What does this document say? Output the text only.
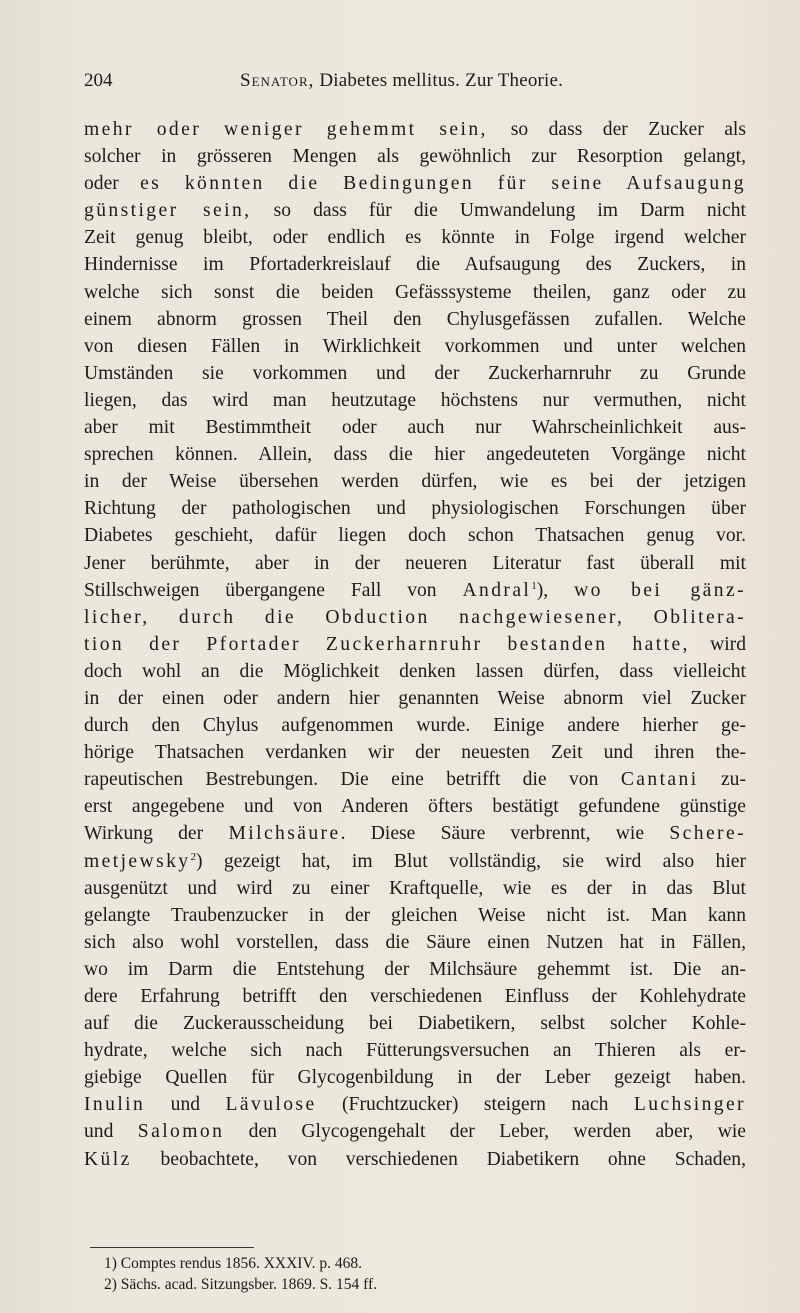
204	Senator, Diabetes mellitus. Zur Theorie.
mehr oder weniger gehemmt sein, so dass der Zucker als
solcher in grösseren Mengen als gewöhnlich zur Resorption gelangt,
oder es könnten die Bedingungen für seine Aufsaugung
günstiger sein, so dass für die Umwandelung im Darm nicht
Zeit genug bleibt, oder endlich es könnte in Folge irgend welcher
Hindernisse im Pfortaderkreislauf die Aufsaugung des Zuckers, in
welche sich sonst die beiden Gefässsysteme theilen, ganz oder zu
einem abnorm grossen Theil den Chylusgefässen zufallen. Welche
von diesen Fällen in Wirklichkeit vorkommen und unter welchen
Umständen sie vorkommen und der Zuckerharnruhr zu Grunde
liegen, das wird man heutzutage höchstens nur vermuthen, nicht
aber mit Bestimmtheit oder auch nur Wahrscheinlichkeit aus-
sprechen können. Allein, dass die hier angedeuteten Vorgänge nicht
in der Weise übersehen werden dürfen, wie es bei der jetzigen
Richtung der pathologischen und physiologischen Forschungen über
Diabetes geschieht, dafür liegen doch schon Thatsachen genug vor.
Jener berühmte, aber in der neueren Literatur fast überall mit
Stillschweigen übergangene Fall von Andral$^1$), wo bei gänz-
licher, durch die Obduction nachgewiesener, Oblitera-
tion der Pfortader Zuckerharnruhr bestanden hatte, wird
doch wohl an die Möglichkeit denken lassen dürfen, dass vielleicht
in der einen oder andern hier genannten Weise abnorm viel Zucker
durch den Chylus aufgenommen wurde. Einige andere hierher ge-
hörige Thatsachen verdanken wir der neuesten Zeit und ihren the-
rapeutischen Bestrebungen. Die eine betrifft die von Cantani zu-
erst angegebene und von Anderen öfters bestätigt gefundene günstige
Wirkung der Milchsäure. Diese Säure verbrennt, wie Schere-
metjewsky$^2$) gezeigt hat, im Blut vollständig, sie wird also hier
ausgenützt und wird zu einer Kraftquelle, wie es der in das Blut
gelangte Traubenzucker in der gleichen Weise nicht ist. Man kann
sich also wohl vorstellen, dass die Säure einen Nutzen hat in Fällen,
wo im Darm die Entstehung der Milchsäure gehemmt ist. Die an-
dere Erfahrung betrifft den verschiedenen Einfluss der Kohlehydrate
auf die Zuckerausscheidung bei Diabetikern, selbst solcher Kohle-
hydrate, welche sich nach Fütterungsversuchen an Thieren als er-
giebige Quellen für Glycogenbildung in der Leber gezeigt haben.
Inulin und Lävulose (Fruchtzucker) steigern nach Luchsinger
und Salomon den Glycogengehalt der Leber, werden aber, wie
Külz beobachtete, von verschiedenen Diabetikern ohne Schaden,
1) Comptes rendus 1856. XXXIV. p. 468.
2) Sächs. acad. Sitzungsber. 1869. S. 154 ff.
